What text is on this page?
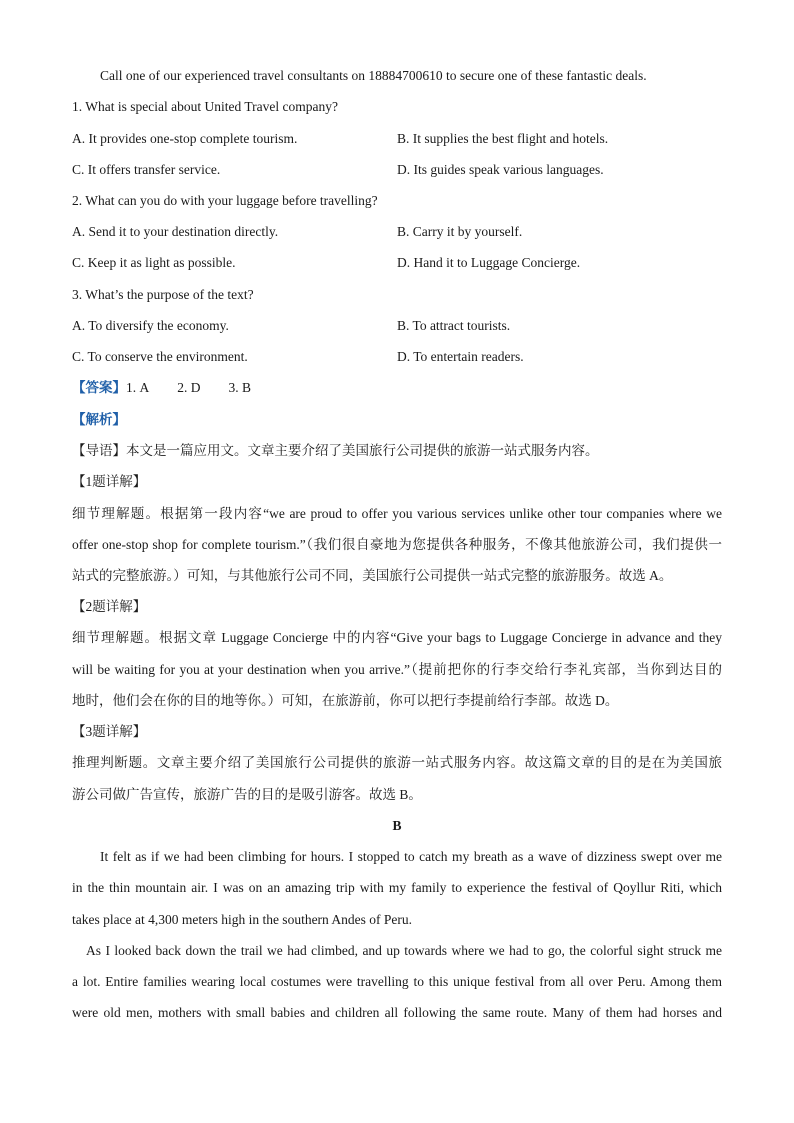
Call one of our experienced travel consultants on 18884700610 to secure one of these fantastic deals.
1. What is special about United Travel company?
A. It provides one-stop complete tourism.	B. It supplies the best flight and hotels.
C. It offers transfer service.	D. Its guides speak various languages.
2. What can you do with your luggage before travelling?
A. Send it to your destination directly.	B. Carry it by yourself.
C. Keep it as light as possible.	D. Hand it to Luggage Concierge.
3. What’s the purpose of the text?
A. To diversify the economy.	B. To attract tourists.
C. To conserve the environment.	D. To entertain readers.
【答案】1. A 2. D 3. B
【解析】
【导语】本文是一篇应用文。文章主要介绍了美国旅行公司提供的旅游一站式服务内容。
【1题详解】
细节理解题。根据第一段内容“we are proud to offer you various services unlike other tour companies where we
offer one-stop shop for complete tourism.”（我们很自豪地为您提供各种服务，不像其他旅游公司，我们提供一
站式的完整旅游。）可知，与其他旅行公司不同，美国旅行公司提供一站式完整的旅游服务。故选 A。
【2题详解】
细节理解题。根据文章 Luggage Concierge 中的内容“Give your bags to Luggage Concierge in advance and they
will be waiting for you at your destination when you arrive.”（提前把你的行李交给行李礼宾部，当你到达目的
地时，他们会在你的目的地等你。）可知，在旅游前，你可以把行李提前给行李部。故选 D。
【3题详解】
推理判断题。文章主要介绍了美国旅行公司提供的旅游一站式服务内容。故这篇文章的目的是在为美国旅
游公司做广告宣传，旅游广告的目的是吸引游客。故选 B。
B
It felt as if we had been climbing for hours. I stopped to catch my breath as a wave of dizziness swept over me
in the thin mountain air. I was on an amazing trip with my family to experience the festival of Qoyllur Riti, which
takes place at 4,300 meters high in the southern Andes of Peru.
As I looked back down the trail we had climbed, and up towards where we had to go, the colorful sight struck me
a lot. Entire families wearing local costumes were travelling to this unique festival from all over Peru. Among them
were old men, mothers with small babies and children all following the same route. Many of them had horses and
